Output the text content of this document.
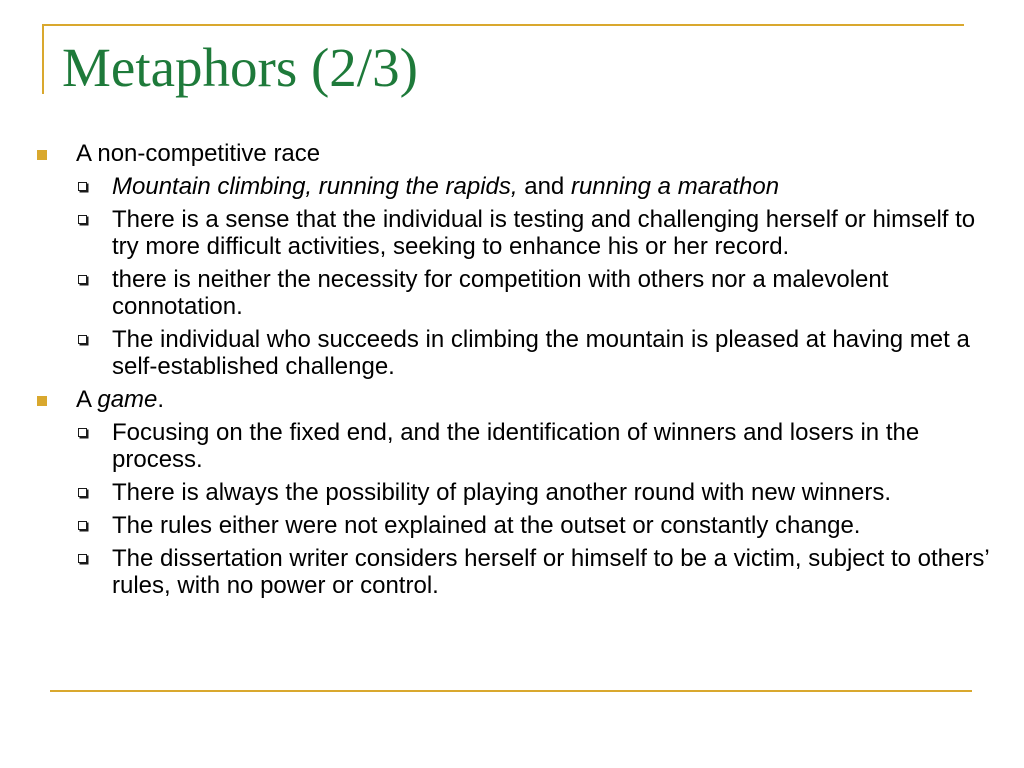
Metaphors (2/3)
A non-competitive race
Mountain climbing, running the rapids, and running a marathon
There is a sense that the individual is testing and challenging herself or himself to try more difficult activities, seeking to enhance his or her record.
there is neither the necessity for competition with others nor a malevolent connotation.
The individual who succeeds in climbing the mountain is pleased at having met a self-established challenge.
A game.
Focusing on the fixed end, and the identification of winners and losers in the process.
There is always the possibility of playing another round with new winners.
The rules either were not explained at the outset or constantly change.
The dissertation writer considers herself or himself to be a victim, subject to others’ rules, with no power or control.
